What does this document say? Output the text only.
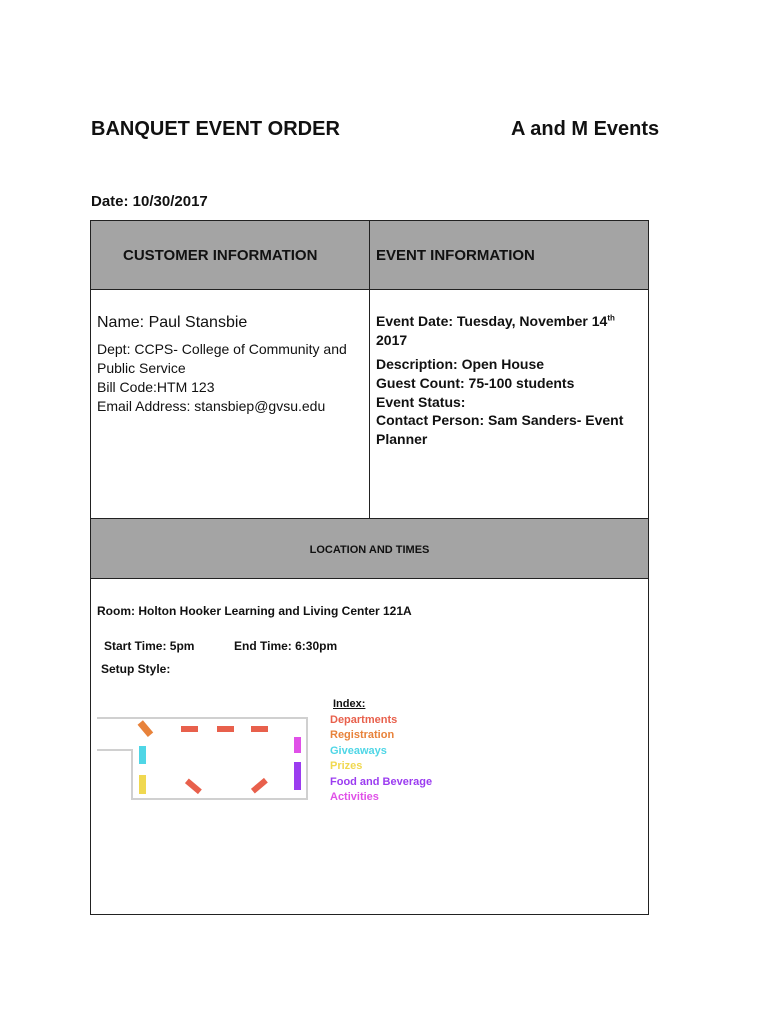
BANQUET EVENT ORDER	A and M Events
Date: 10/30/2017
CUSTOMER INFORMATION	EVENT INFORMATION
Name: Paul Stansbie
Dept: CCPS- College of Community and
Public Service
Bill Code:HTM 123
Email Address: stansbiep@gvsu.edu
Event Date: Tuesday, November 14th
2017
Description: Open House
Guest Count: 75-100 students
Event Status:
Contact Person: Sam Sanders- Event
Planner
LOCATION AND TIMES
Room: Holton Hooker Learning and Living Center 121A
Start Time: 5pm	End Time: 6:30pm
Setup Style:
Index:
Departments
Registration
Giveaways
Prizes
Food and Beverage
Activities
